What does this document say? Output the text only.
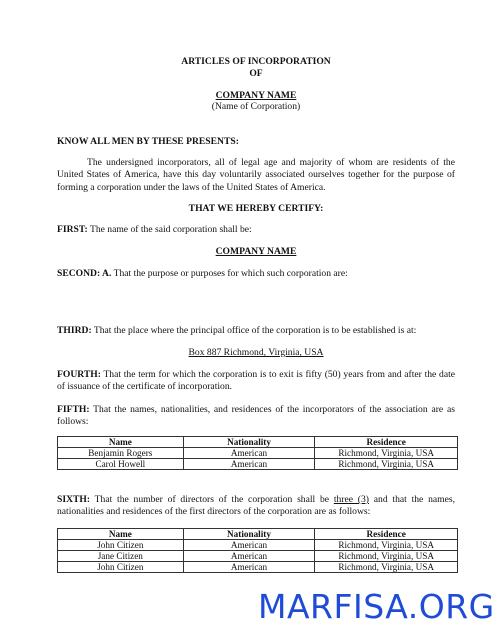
ARTICLES OF INCORPORATION
OF
COMPANY NAME
(Name of Corporation)
KNOW ALL MEN BY THESE PRESENTS:
The undersigned incorporators, all of legal age and majority of whom are residents of the United States of America, have this day voluntarily associated ourselves together for the purpose of forming a corporation under the laws of the United States of America.
THAT WE HEREBY CERTIFY:
FIRST: The name of the said corporation shall be:
COMPANY NAME
SECOND: A. That the purpose or purposes for which such corporation are:
THIRD: That the place where the principal office of the corporation is to be established is at:
Box 887 Richmond, Virginia, USA
FOURTH: That the term for which the corporation is to exit is fifty (50) years from and after the date of issuance of the certificate of incorporation.
FIFTH: That the names, nationalities, and residences of the incorporators of the association are as follows:
Name	Nationality	Residence
Benjamin Rogers	American	Richmond, Virginia, USA
Carol Howell	American	Richmond, Virginia, USA
SIXTH: That the number of directors of the corporation shall be three (3) and that the names, nationalities and residences of the first directors of the corporation are as follows:
Name	Nationality	Residence
John Citizen	American	Richmond, Virginia, USA
Jane Citizen	American	Richmond, Virginia, USA
John Citizen	American	Richmond, Virginia, USA
MARFISA.ORG
